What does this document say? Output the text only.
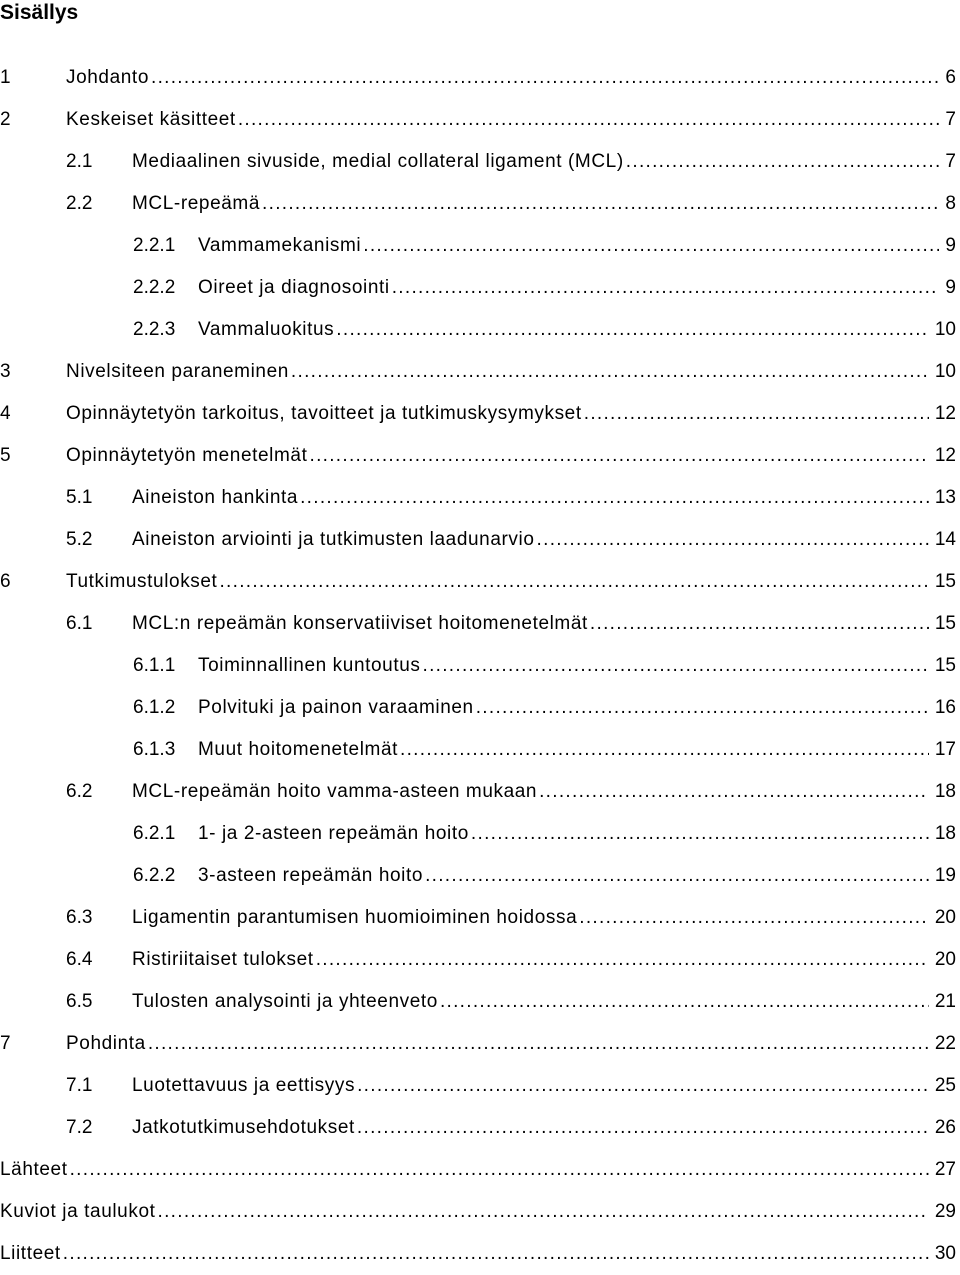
Sisällys
1	Johdanto .....	6
2	Keskeiset käsitteet .....	7
2.1	Mediaalinen sivuside, medial collateral ligament (MCL) .....	7
2.2	MCL-repeämä .....	8
2.2.1	Vammamekanismi .....	9
2.2.2	Oireet ja diagnosointi .....	9
2.2.3	Vammaluokitus .....	10
3	Nivelsiteen paraneminen .....	10
4	Opinnäytetyön tarkoitus, tavoitteet ja tutkimuskysymykset .....	12
5	Opinnäytetyön menetelmät .....	12
5.1	Aineiston hankinta .....	13
5.2	Aineiston arviointi ja tutkimusten laadunarvio .....	14
6	Tutkimustulokset .....	15
6.1	MCL:n repeämän konservatiiviset hoitomenetelmät .....	15
6.1.1	Toiminnallinen kuntoutus .....	15
6.1.2	Polvituki ja painon varaaminen .....	16
6.1.3	Muut hoitomenetelmät .....	17
6.2	MCL-repeämän hoito vamma-asteen mukaan .....	18
6.2.1	1- ja 2-asteen repeämän hoito .....	18
6.2.2	3-asteen repeämän hoito .....	19
6.3	Ligamentin parantumisen huomioiminen hoidossa .....	20
6.4	Ristiriitaiset tulokset .....	20
6.5	Tulosten analysointi ja yhteenveto .....	21
7	Pohdinta .....	22
7.1	Luotettavuus ja eettisyys .....	25
7.2	Jatkotutkimusehdotukset .....	26
Lähteet .....	27
Kuviot ja taulukot .....	29
Liitteet .....	30
